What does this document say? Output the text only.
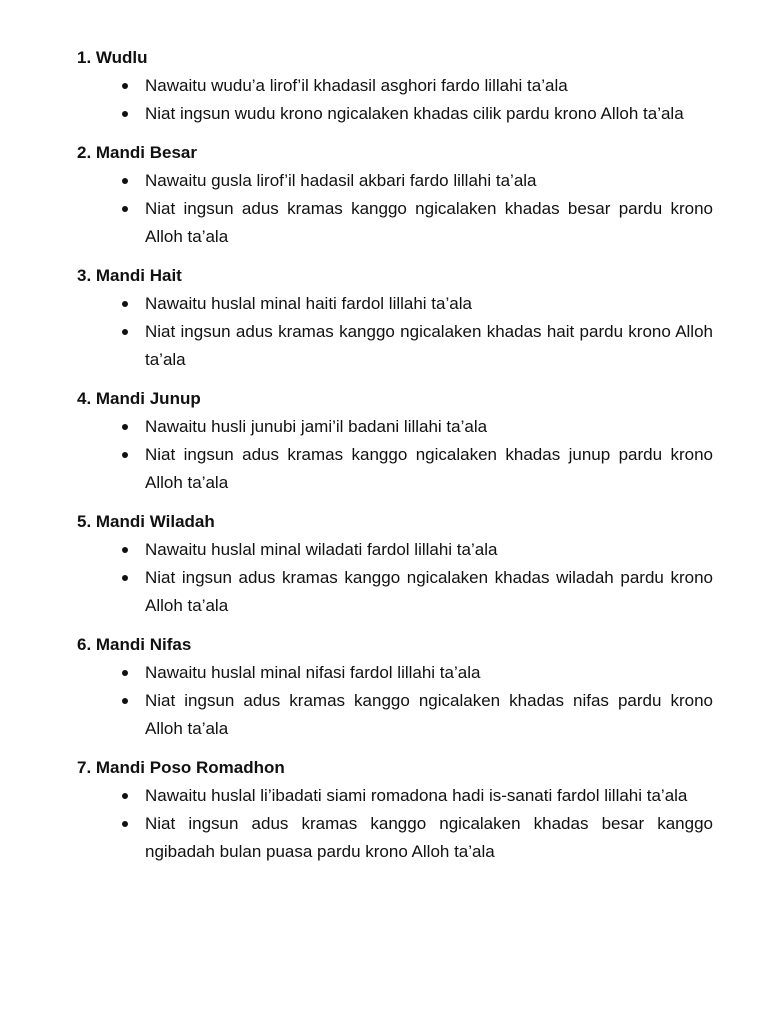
1. Wudlu

Nawaitu wudu’a lirof’il khadasil asghori fardo lillahi ta’ala
Niat ingsun wudu krono ngicalaken khadas cilik pardu krono Alloh ta’ala

2. Mandi Besar

Nawaitu gusla lirof’il hadasil akbari fardo lillahi ta’ala
Niat ingsun adus kramas kanggo ngicalaken khadas besar pardu krono Alloh ta’ala

3. Mandi Hait

Nawaitu huslal minal haiti fardol lillahi ta’ala
Niat ingsun adus kramas kanggo ngicalaken khadas hait pardu krono Alloh ta’ala

4. Mandi Junup

Nawaitu husli junubi jami’il badani lillahi ta’ala
Niat ingsun adus kramas kanggo ngicalaken khadas junup pardu krono Alloh ta’ala

5. Mandi Wiladah

Nawaitu huslal minal wiladati fardol lillahi ta’ala
Niat ingsun adus kramas kanggo ngicalaken khadas wiladah pardu krono Alloh ta’ala

6. Mandi Nifas

Nawaitu huslal minal nifasi fardol lillahi ta’ala
Niat ingsun adus kramas kanggo ngicalaken khadas nifas pardu krono Alloh ta’ala

7. Mandi Poso Romadhon

Nawaitu huslal li’ibadati siami romadona hadi is-sanati fardol lillahi ta’ala
Niat ingsun adus kramas kanggo ngicalaken khadas besar kanggo ngibadah bulan puasa pardu krono Alloh ta’ala
